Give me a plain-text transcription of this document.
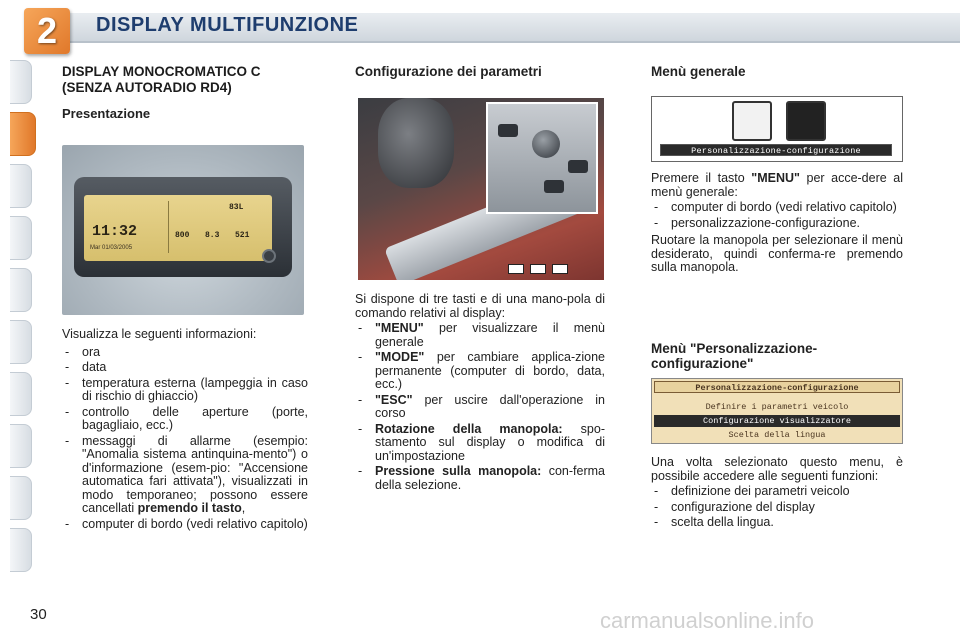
2	DISPLAY MULTIFUNZIONE
DISPLAY MONOCROMATICO C (SENZA AUTORADIO RD4)
Presentazione
11:32
Mar 01/03/2005
83L
800 8.3 521

Visualizza le seguenti informazioni:

- ora
- data
- temperatura esterna (lampeggia in caso di rischio di ghiaccio)
- controllo delle aperture (porte, bagagliaio, ecc.)
- messaggi di allarme (esempio: "Anomalia sistema antinquina-mento") o d'informazione (esem-pio: "Accensione automatica fari attivata"), visualizzati in modo temporaneo; possono essere cancellati premendo il tasto,
- computer di bordo (vedi relativo capitolo)
Configurazione dei parametri

Si dispone di tre tasti e di una mano-pola di comando relativi al display:

- "MENU" per visualizzare il menù generale
- "MODE" per cambiare applica-zione permanente (computer di bordo, data, ecc.)
- "ESC" per uscire dall'operazione in corso
- Rotazione della manopola: spo-stamento sul display o modifica di un'impostazione
- Pressione sulla manopola: con-ferma della selezione.
Menù generale
Personalizzazione-configurazione

Premere il tasto "MENU" per acce-dere al menù generale:

- computer di bordo (vedi relativo capitolo)
- personalizzazione-configurazione.

Ruotare la manopola per selezionare il menù desiderato, quindi conferma-re premendo sulla manopola.

Menù "Personalizzazione-configurazione"
Personalizzazione-configurazione
Definire i parametri veicolo
Configurazione visualizzatore
Scelta della lingua

Una volta selezionato questo menu, è possibile accedere alle seguenti funzioni:

- definizione dei parametri veicolo
- configurazione del display
- scelta della lingua.
30	carmanualsonline.info
